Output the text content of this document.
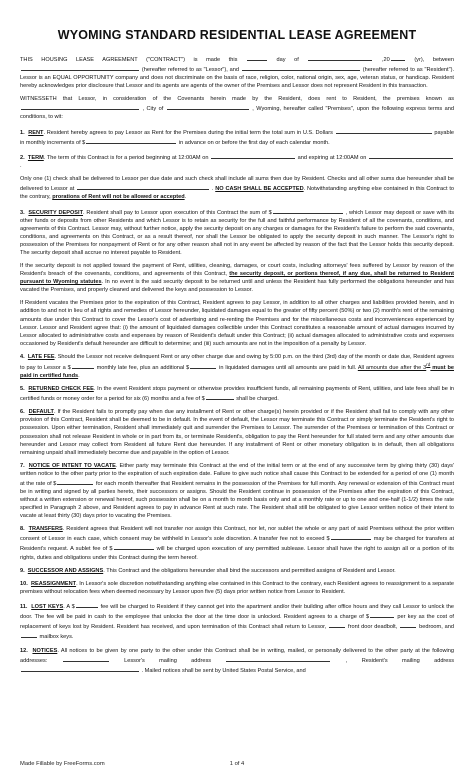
WYOMING STANDARD RESIDENTIAL LEASE AGREEMENT

THIS HOUSING LEASE AGREEMENT ("CONTRACT") is made this	day of	,20	(yr), between  (hereafter referred to as "Lessor"), and	(hereafter referred to as "Resident"). Lessor is an EQUAL OPPORTUNITY company and does not discriminate on the basis of race, religion, color, national origin, sex, age, veteran status, or handicap. Resident hereby acknowledges prior disclosure that Lessor and its agents are agents of the owner of the Premises and Lessor does not represent Resident in this transaction.

WITNESSETH that Lessor, in consideration of the Covenants herein made by the Resident, does rent to Resident, the premises known as  , City of	, Wyoming, hereafter called "Premises", upon the following express terms and conditions, to wit:

1. RENT. Resident hereby agrees to pay Lessor as Rent for the Premises during the initial term the total sum in U.S. Dollars	payable in monthly increments of $	in advance on or before the first day of each calendar month.

2. TERM. The term of this Contract is for a period beginning at 12:00AM on	and expiring at 12:00AM on .

Only one (1) check shall be delivered to Lessor per due date and such check shall include all sums then due by Resident. Checks and all other sums due hereunder shall be delivered to Lessor at	. NO CASH SHALL BE ACCEPTED. Notwithstanding anything else contained in this Contract to the contrary, prorations of Rent will not be allowed or accepted.

3. SECURITY DEPOSIT. Resident shall pay to Lessor upon execution of this Contract the sum of $	, which Lessor may deposit or save with its other funds or deposits from other Residents and which Lessor is to retain as security for the full and faithful performance by Resident of all the covenants, conditions, and agreements of this Contract. Lessor may, without further notice, apply the security deposit on any charges or damages for the Resident's failure to perform the said covenants, conditions, and agreements on this Contract, or as a result thereof, nor shall the Lessor be obligated to apply the security deposit in such manner. The Lessor's right to possession of the Premises for nonpayment of Rent or for any other reason shall not in any event be affected by reason of the fact that the Lessor holds this security deposit. The security deposit shall accrue no interest payable to Resident.

If the security deposit is not applied toward the payment of Rent, utilities, cleaning, damages, or court costs, including attorneys' fees suffered by Lessor by reason of the Resident's breach of the covenants, conditions, and agreements of this Contract, the security deposit, or portions thereof, if any due, shall be returned to Resident pursuant to Wyoming statutes. In no event is the said security deposit to be returned until and unless the Resident has fully performed the obligations hereunder and has vacated the Premises, and properly cleaned and delivered the keys and possession to Lessor.

If Resident vacates the Premises prior to the expiration of this Contract, Resident agrees to pay Lessor, in addition to all other charges and liabilities provided herein, and in addition to and not in lieu of all rights and remedies of Lessor hereunder, liquidated damages equal to the greater of fifty percent (50%) or two (2) month's rent of the remaining amounts due under this Contract to cover the Lessor's cost of advertising and re-renting the Premises and for the miscellaneous costs and inconveniences experienced by Lessor. Lessor and Resident agree that: (i) the amount of liquidated damages collectible under this Contract constitutes a reasonable amount of actual damages incurred by Lessor allocated to administrative costs and expenses by reason of Resident's default under this Contract; (ii) actual damages allocated to administrative costs and expenses occasioned by Resident's default hereunder are difficult to determine; and (iii) such amounts are not in the imposition of a penalty by Lessor.

4. LATE FEE. Should the Lessor not receive delinquent Rent or any other charge due and owing by 5:00 p.m. on the third (3rd) day of the month or date due, Resident agrees to pay to Lessor a $	monthly late fee, plus an additional $	in liquidated damages until all amounts are paid in full. All amounts due after the 3rd must be paid in certified funds.

5. RETURNED CHECK FEE. In the event Resident stops payment or otherwise provides insufficient funds, all remaining payments of Rent, utilities, and late fees shall be in certified funds or money order for a period for six (6) months and a fee of $	shall be charged.

6. DEFAULT. If the Resident fails to promptly pay when due any installment of Rent or other charge(s) herein provided or if the Resident shall fail to comply with any other provision of this Contract, Resident shall be deemed to be in default. In the event of default, the Lessor may terminate this Contract or simply terminate the Resident's right to possession. Upon either termination, Resident shall immediately quit and surrender the Premises to Lessor. The surrender of the Premises or termination of this Contract or possession shall not release Resident in whole or in part from its, or terminate Resident's, obligation to pay the Rent hereunder for full stated term and any other amounts due hereunder and Lessor may collect from Resident all future Rent due hereunder. If any installment of Rent or other monetary obligation is in default, then all obligations remaining unpaid shall immediately become due and payable in the option of Lessor.

7. NOTICE OF INTENT TO VACATE. Either party may terminate this Contract at the end of the initial term or at the end of any successive term by giving thirty (30) days' written notice to the other party prior to the expiration of such expiration date. Failure to give such notice shall cause this Contract to be extended for a period of one (1) month at the rate of $	for each month thereafter that Resident remains in the possession of the Premises for full month. Any renewal or extension of this Contract must be in writing and signed by all parties hereto, their successors or assigns. Should the Resident continue in possession of the Premises after the expiration of this Contract, without a written extension or renewal hereof, such possession shall be on a month to month basis only and at a monthly rate or up to one and one-half (1-1/2) times the rate specified in Paragraph 2 above, and Resident agrees to pay in advance Rent at such rate. The Resident shall still be obligated to give Lessor written notice of their intent to vacate at least thirty (30) days prior to vacating the Premises.

8. TRANSFERS. Resident agrees that Resident will not transfer nor assign this Contract, nor let, nor sublet the whole or any part of said Premises without the prior written consent of Lessor in each case, which consent may be withheld in Lessor's sole discretion. A transfer fee not to exceed $	may be charged for transfers at Resident's request. A sublet fee of $	will be charged upon execution of any permitted sublease. Lessor shall have the right to assign all or a portion of its rights, duties and obligations under this Contract during the term hereof.

9. SUCCESSOR AND ASSIGNS. This Contract and the obligations hereunder shall bind the successors and permitted assigns of Resident and Lessor.

10. REASSIGNMENT. In Lessor's sole discretion notwithstanding anything else contained in this Contract to the contrary, each Resident agrees to reassignment to a separate premises without relocation fees when deemed necessary by Lessor upon five (5) days prior written notice from Lessor to Resident.

11. LOST KEYS. A $	fee will be charged to Resident if they cannot get into the apartment and/or their building after office hours and they call Lessor to unlock the door. The fee will be paid in cash to the employee that unlocks the door at the time door is unlocked. Resident agrees to a charge of $	per key as the cost of replacement of keys lost by Resident. Resident has received, and upon termination of this Contract shall return to Lessor,	front door deadbolt,	bedroom, and  mailbox keys.

12. NOTICES. All notices to be given by one party to the other under this Contract shall be in writing, mailed, or personally delivered to the other party at the following addresses:	Lessor's mailing address	, Resident's mailing address  . Mailed notices shall be sent by United States Postal Service, and

Made Fillable by FreeForms.com	1 of 4
